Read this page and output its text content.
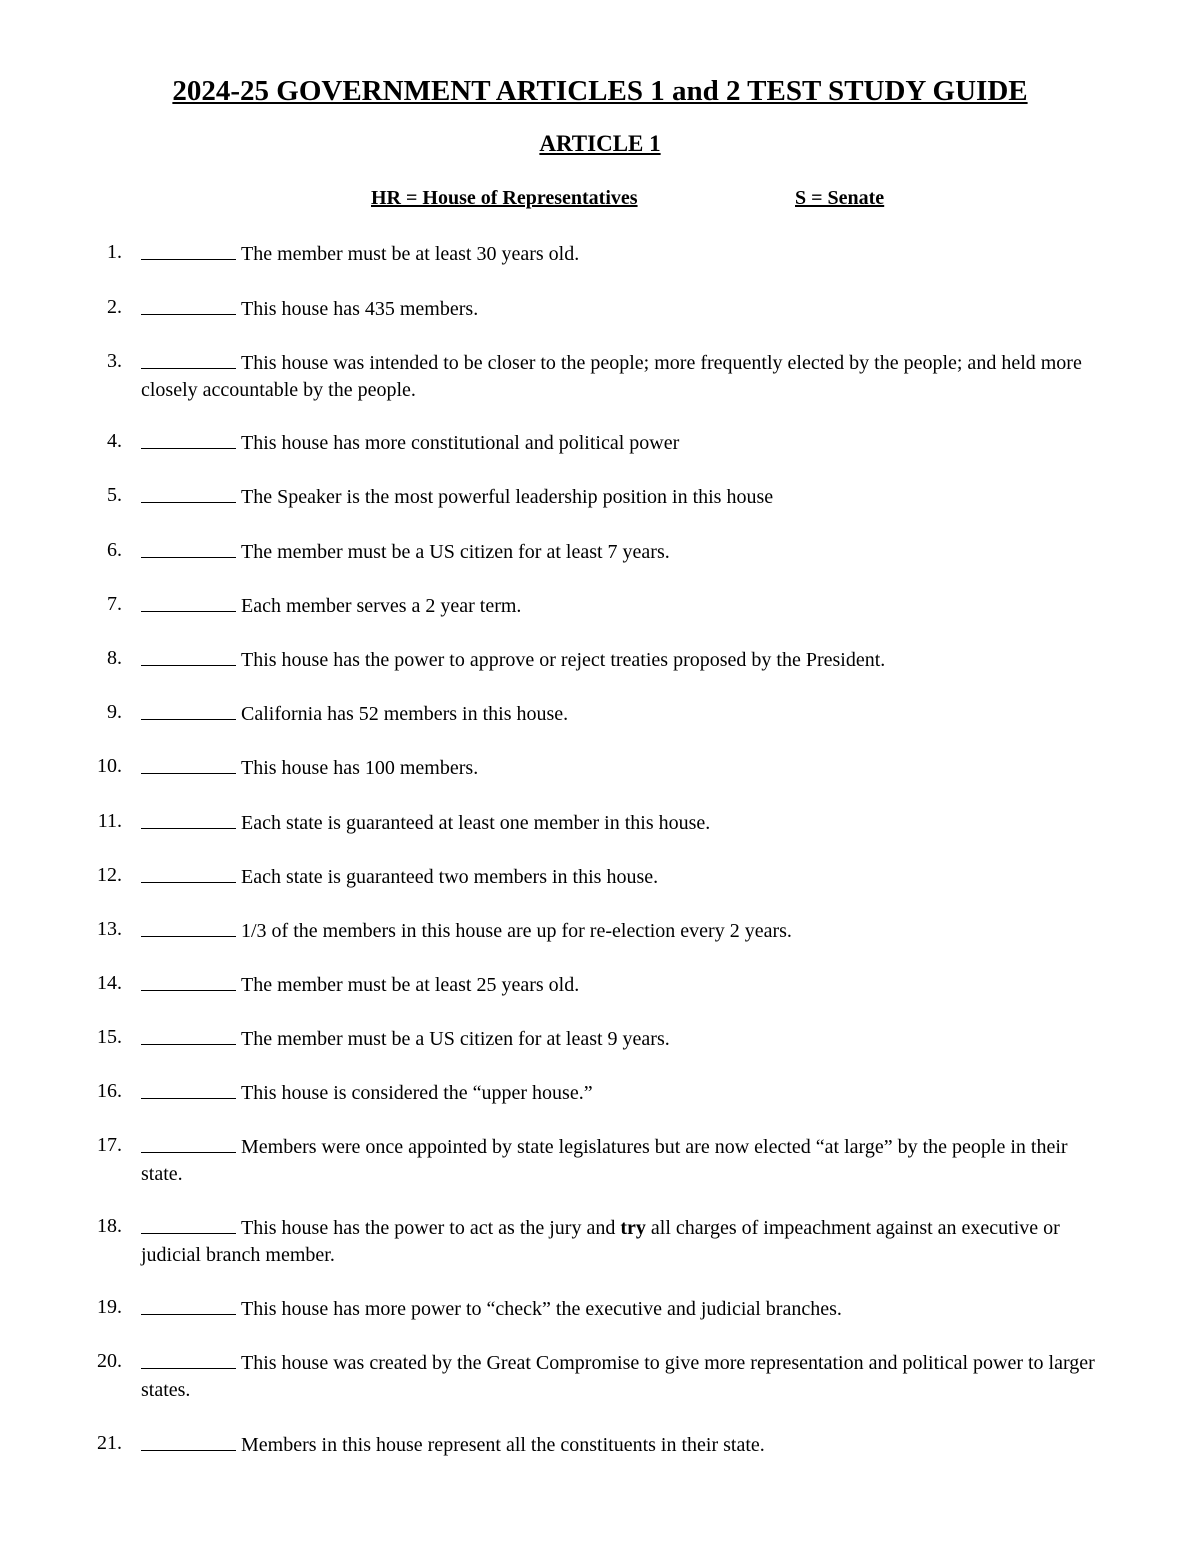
2024-25 GOVERNMENT ARTICLES 1 and 2 TEST STUDY GUIDE
ARTICLE 1
HR = House of Representatives	S = Senate
1.	The member must be at least 30 years old.
2.	This house has 435 members.
3.	This house was intended to be closer to the people; more frequently elected by the people; and held more closely accountable by the people.
4.	This house has more constitutional and political power
5.	The Speaker is the most powerful leadership position in this house
6.	The member must be a US citizen for at least 7 years.
7.	Each member serves a 2 year term.
8.	This house has the power to approve or reject treaties proposed by the President.
9.	California has 52 members in this house.
10.	This house has 100 members.
11.	Each state is guaranteed at least one member in this house.
12.	Each state is guaranteed two members in this house.
13.	1/3 of the members in this house are up for re-election every 2 years.
14.	The member must be at least 25 years old.
15.	The member must be a US citizen for at least 9 years.
16.	This house is considered the “upper house.”
17.	Members were once appointed by state legislatures but are now elected “at large” by the people in their state.
18.	This house has the power to act as the jury and try all charges of impeachment against an executive or judicial branch member.
19.	This house has more power to “check” the executive and judicial branches.
20.	This house was created by the Great Compromise to give more representation and political power to larger states.
21.	Members in this house represent all the constituents in their state.
